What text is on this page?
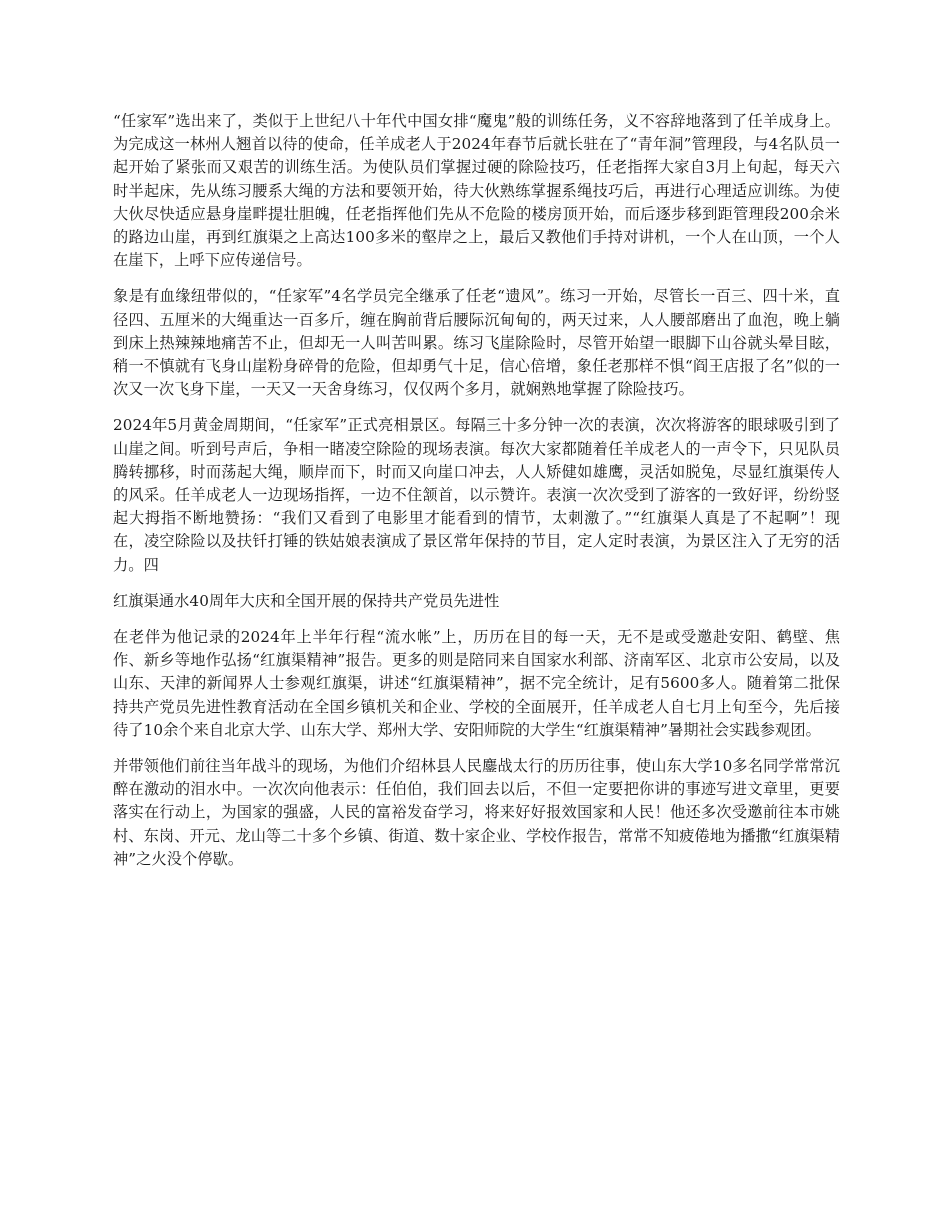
“任家军”选出来了，类似于上世纪八十年代中国女排“魔鬼”般的训练任务，义不容辞地落到了任羊成身上。为完成这一林州人翘首以待的使命，任羊成老人于2024年春节后就长驻在了“青年洞”管理段，与4名队员一起开始了紧张而又艰苦的训练生活。为使队员们掌握过硬的除险技巧，任老指挥大家自3月上旬起，每天六时半起床，先从练习腰系大绳的方法和要领开始，待大伙熟练掌握系绳技巧后，再进行心理适应训练。为使大伙尽快适应悬身崖畔提壮胆魄，任老指挥他们先从不危险的楼房顶开始，而后逐步移到距管理段200余米的路边山崖，再到红旗渠之上高达100多米的壑岸之上，最后又教他们手持对讲机，一个人在山顶，一个人在崖下，上呼下应传递信号。

象是有血缘纽带似的，“任家军”4名学员完全继承了任老“遗风”。练习一开始，尽管长一百三、四十米，直径四、五厘米的大绳重达一百多斤，缠在胸前背后腰际沉甸甸的，两天过来，人人腰部磨出了血泡，晚上躺到床上热辣辣地痛苦不止，但却无一人叫苦叫累。练习飞崖除险时，尽管开始望一眼脚下山谷就头晕目眩，稍一不慎就有飞身山崖粉身碎骨的危险，但却勇气十足，信心倍增，象任老那样不惧“阎王店报了名”似的一次又一次飞身下崖，一天又一天舍身练习，仅仅两个多月，就娴熟地掌握了除险技巧。

2024年5月黄金周期间，“任家军”正式亮相景区。每隔三十多分钟一次的表演，次次将游客的眼球吸引到了山崖之间。听到号声后，争相一睹凌空除险的现场表演。每次大家都随着任羊成老人的一声令下，只见队员腾转挪移，时而荡起大绳，顺岸而下，时而又向崖口冲去，人人矫健如雄鹰，灵活如脱兔，尽显红旗渠传人的风采。任羊成老人一边现场指挥，一边不住颔首，以示赞许。表演一次次受到了游客的一致好评，纷纷竖起大拇指不断地赞扬：“我们又看到了电影里才能看到的情节，太刺激了。”“红旗渠人真是了不起啊”！现在，凌空除险以及扶钎打锤的铁姑娘表演成了景区常年保持的节目，定人定时表演，为景区注入了无穷的活力。四

红旗渠通水40周年大庆和全国开展的保持共产党员先进性

在老伴为他记录的2024年上半年行程“流水帐”上，历历在目的每一天，无不是或受邀赴安阳、鹤壁、焦作、新乡等地作弘扬“红旗渠精神”报告。更多的则是陪同来自国家水利部、济南军区、北京市公安局，以及山东、天津的新闻界人士参观红旗渠，讲述“红旗渠精神”，据不完全统计，足有5600多人。随着第二批保持共产党员先进性教育活动在全国乡镇机关和企业、学校的全面展开，任羊成老人自七月上旬至今，先后接待了10余个来自北京大学、山东大学、郑州大学、安阳师院的大学生“红旗渠精神”暑期社会实践参观团。

并带领他们前往当年战斗的现场，为他们介绍林县人民鏖战太行的历历往事，使山东大学10多名同学常常沉醉在激动的泪水中。一次次向他表示：任伯伯，我们回去以后，不但一定要把你讲的事迹写进文章里，更要落实在行动上，为国家的强盛，人民的富裕发奋学习，将来好好报效国家和人民！他还多次受邀前往本市姚村、东岗、开元、龙山等二十多个乡镇、街道、数十家企业、学校作报告，常常不知疲倦地为播撒“红旗渠精神”之火没个停歇。
